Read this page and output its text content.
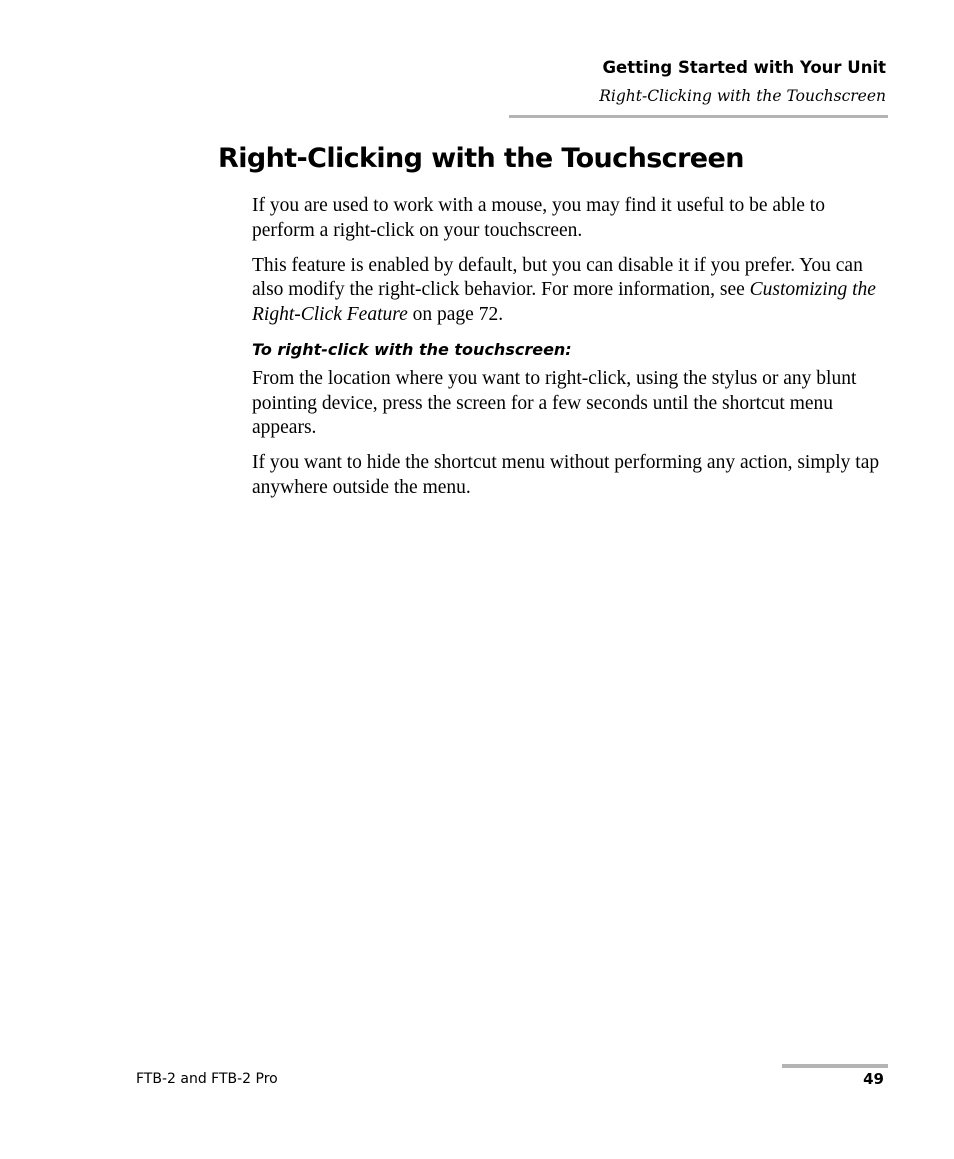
Getting Started with Your Unit
Right-Clicking with the Touchscreen
Right-Clicking with the Touchscreen

If you are used to work with a mouse, you may find it useful to be able to perform a right-click on your touchscreen.

This feature is enabled by default, but you can disable it if you prefer. You can also modify the right-click behavior. For more information, see Customizing the Right-Click Feature on page 72.

To right-click with the touchscreen:

From the location where you want to right-click, using the stylus or any blunt pointing device, press the screen for a few seconds until the shortcut menu appears.

If you want to hide the shortcut menu without performing any action, simply tap anywhere outside the menu.

FTB-2 and FTB-2 Pro	49
